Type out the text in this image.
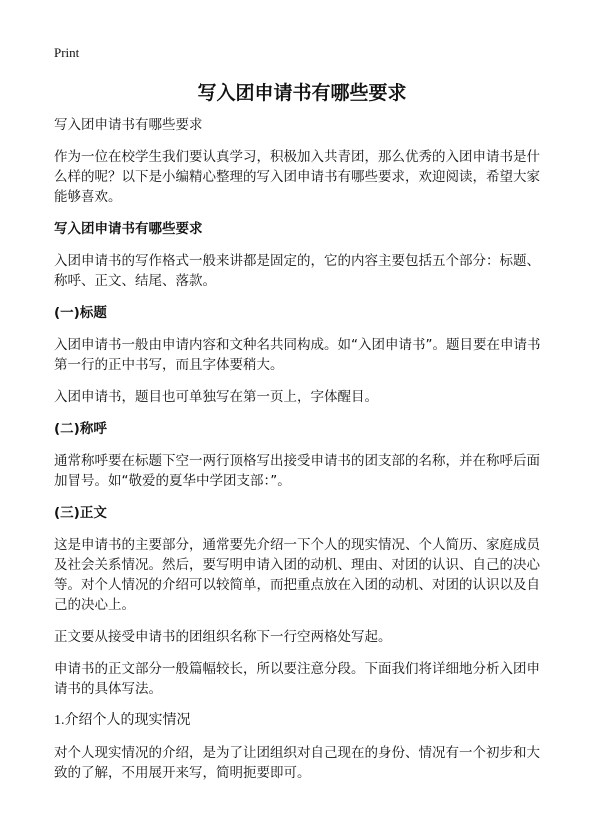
Print
写入团申请书有哪些要求

写入团申请书有哪些要求

作为一位在校学生我们要认真学习，积极加入共青团，那么优秀的入团申请书是什么样的呢？以下是小编精心整理的写入团申请书有哪些要求，欢迎阅读，希望大家能够喜欢。

写入团申请书有哪些要求

入团申请书的写作格式一般来讲都是固定的，它的内容主要包括五个部分：标题、称呼、正文、结尾、落款。

(一)标题

入团申请书一般由申请内容和文种名共同构成。如“入团申请书”。题目要在申请书第一行的正中书写，而且字体要稍大。

入团申请书，题目也可单独写在第一页上，字体醒目。

(二)称呼

通常称呼要在标题下空一两行顶格写出接受申请书的团支部的名称，并在称呼后面加冒号。如“敬爱的夏华中学团支部：”。

(三)正文

这是申请书的主要部分，通常要先介绍一下个人的现实情况、个人简历、家庭成员及社会关系情况。然后，要写明申请入团的动机、理由、对团的认识、自己的决心等。对个人情况的介绍可以较简单，而把重点放在入团的动机、对团的认识以及自己的决心上。

正文要从接受申请书的团组织名称下一行空两格处写起。

申请书的正文部分一般篇幅较长，所以要注意分段。下面我们将详细地分析入团申请书的具体写法。

1.介绍个人的现实情况

对个人现实情况的介绍，是为了让团组织对自己现在的身份、情况有一个初步和大致的了解，不用展开来写，简明扼要即可。
